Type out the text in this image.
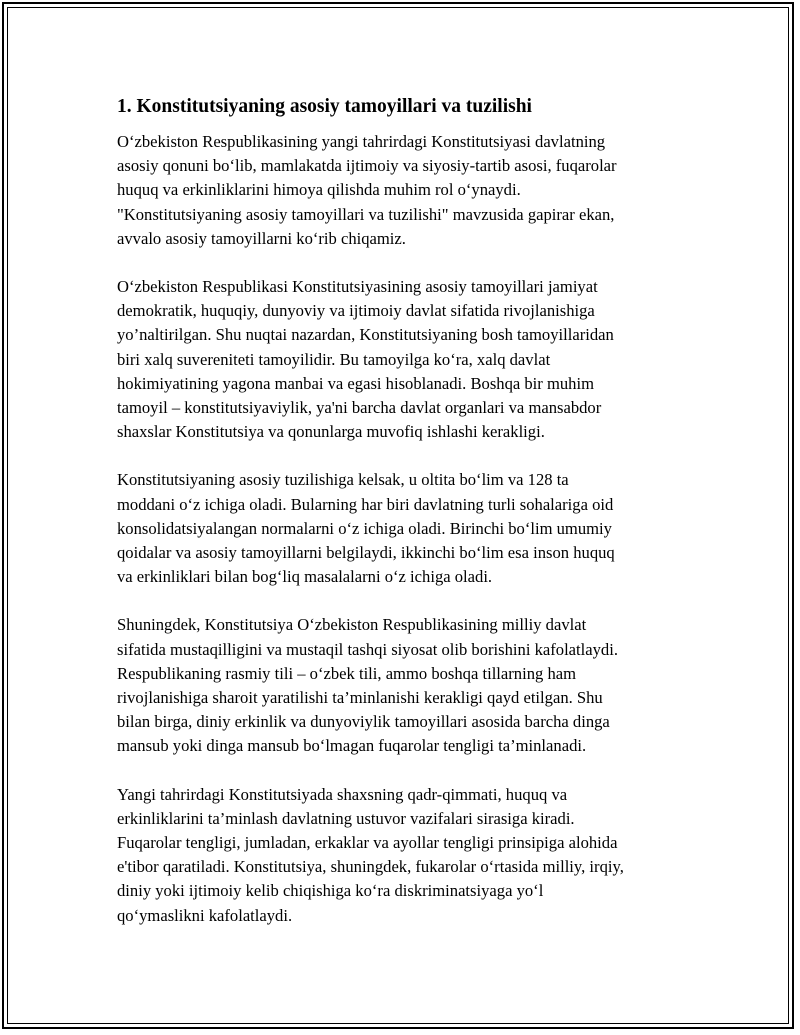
1. Konstitutsiyaning asosiy tamoyillari va tuzilishi

O‘zbekiston Respublikasining yangi tahrirdagi Konstitutsiyasi davlatning
asosiy qonuni bo‘lib, mamlakatda ijtimoiy va siyosiy-tartib asosi, fuqarolar
huquq va erkinliklarini himoya qilishda muhim rol o‘ynaydi.
"Konstitutsiyaning asosiy tamoyillari va tuzilishi" mavzusida gapirar ekan,
avvalo asosiy tamoyillarni ko‘rib chiqamiz.

O‘zbekiston Respublikasi Konstitutsiyasining asosiy tamoyillari jamiyat
demokratik, huquqiy, dunyoviy va ijtimoiy davlat sifatida rivojlanishiga
yo’naltirilgan. Shu nuqtai nazardan, Konstitutsiyaning bosh tamoyillaridan
biri xalq suvereniteti tamoyilidir. Bu tamoyilga ko‘ra, xalq davlat
hokimiyatining yagona manbai va egasi hisoblanadi. Boshqa bir muhim
tamoyil – konstitutsiyaviylik, ya'ni barcha davlat organlari va mansabdor
shaxslar Konstitutsiya va qonunlarga muvofiq ishlashi kerakligi.

Konstitutsiyaning asosiy tuzilishiga kelsak, u oltita bo‘lim va 128 ta
moddani o‘z ichiga oladi. Bularning har biri davlatning turli sohalariga oid
konsolidatsiyalangan normalarni o‘z ichiga oladi. Birinchi bo‘lim umumiy
qoidalar va asosiy tamoyillarni belgilaydi, ikkinchi bo‘lim esa inson huquq
va erkinliklari bilan bog‘liq masalalarni o‘z ichiga oladi.

Shuningdek, Konstitutsiya O‘zbekiston Respublikasining milliy davlat
sifatida mustaqilligini va mustaqil tashqi siyosat olib borishini kafolatlaydi.
Respublikaning rasmiy tili – o‘zbek tili, ammo boshqa tillarning ham
rivojlanishiga sharoit yaratilishi ta’minlanishi kerakligi qayd etilgan. Shu
bilan birga, diniy erkinlik va dunyoviylik tamoyillari asosida barcha dinga
mansub yoki dinga mansub bo‘lmagan fuqarolar tengligi ta’minlanadi.

Yangi tahrirdagi Konstitutsiyada shaxsning qadr-qimmati, huquq va
erkinliklarini ta’minlash davlatning ustuvor vazifalari sirasiga kiradi.
Fuqarolar tengligi, jumladan, erkaklar va ayollar tengligi prinsipiga alohida
e'tibor qaratiladi. Konstitutsiya, shuningdek, fukarolar o‘rtasida milliy, irqiy,
diniy yoki ijtimoiy kelib chiqishiga ko‘ra diskriminatsiyaga yo‘l
qo‘ymaslikni kafolatlaydi.
